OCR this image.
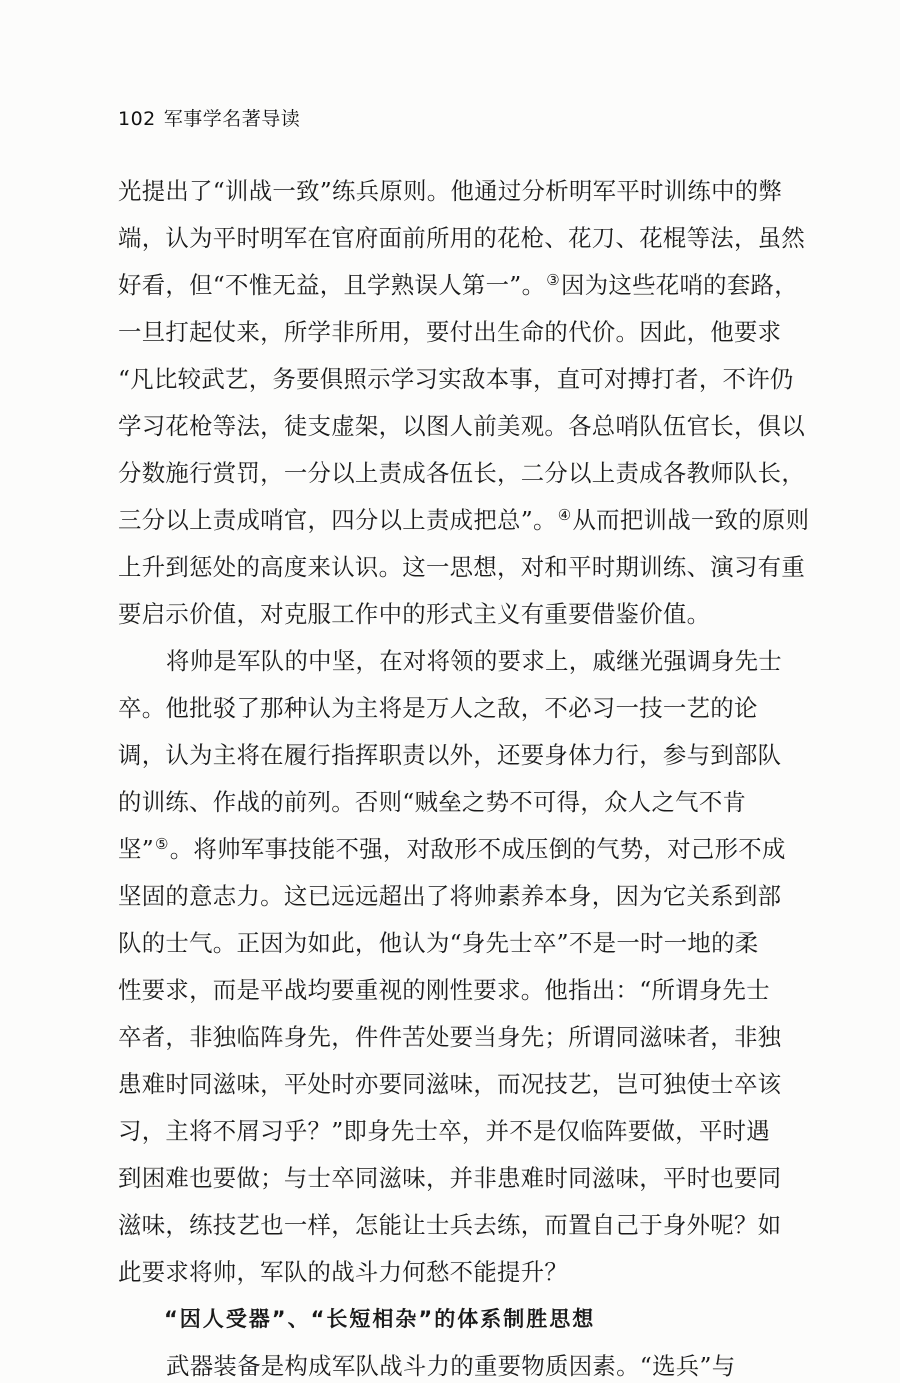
102 军事学名著导读
光提出了“训战一致”练兵原则。他通过分析明军平时训练中的弊
端，认为平时明军在官府面前所用的花枪、花刀、花棍等法，虽然
好看，但“不惟无益，且学熟误人第一”。③因为这些花哨的套路，
一旦打起仗来，所学非所用，要付出生命的代价。因此，他要求
“凡比较武艺，务要俱照示学习实敌本事，直可对搏打者，不许仍
学习花枪等法，徒支虚架，以图人前美观。各总哨队伍官长，俱以
分数施行赏罚，一分以上责成各伍长，二分以上责成各教师队长，
三分以上责成哨官，四分以上责成把总”。④从而把训战一致的原则
上升到惩处的高度来认识。这一思想，对和平时期训练、演习有重
要启示价值，对克服工作中的形式主义有重要借鉴价值。
将帅是军队的中坚，在对将领的要求上，戚继光强调身先士
卒。他批驳了那种认为主将是万人之敌，不必习一技一艺的论
调，认为主将在履行指挥职责以外，还要身体力行，参与到部队
的训练、作战的前列。否则“贼垒之势不可得，众人之气不肯
坚”⑤。将帅军事技能不强，对敌形不成压倒的气势，对己形不成
坚固的意志力。这已远远超出了将帅素养本身，因为它关系到部
队的士气。正因为如此，他认为“身先士卒”不是一时一地的柔
性要求，而是平战均要重视的刚性要求。他指出：“所谓身先士
卒者，非独临阵身先，件件苦处要当身先；所谓同滋味者，非独
患难时同滋味，平处时亦要同滋味，而况技艺，岂可独使士卒该
习，主将不屑习乎？”即身先士卒，并不是仅临阵要做，平时遇
到困难也要做；与士卒同滋味，并非患难时同滋味，平时也要同
滋味，练技艺也一样，怎能让士兵去练，而置自己于身外呢？如
此要求将帅，军队的战斗力何愁不能提升？
“因人受器”、“长短相杂”的体系制胜思想
武器装备是构成军队战斗力的重要物质因素。“选兵”与
